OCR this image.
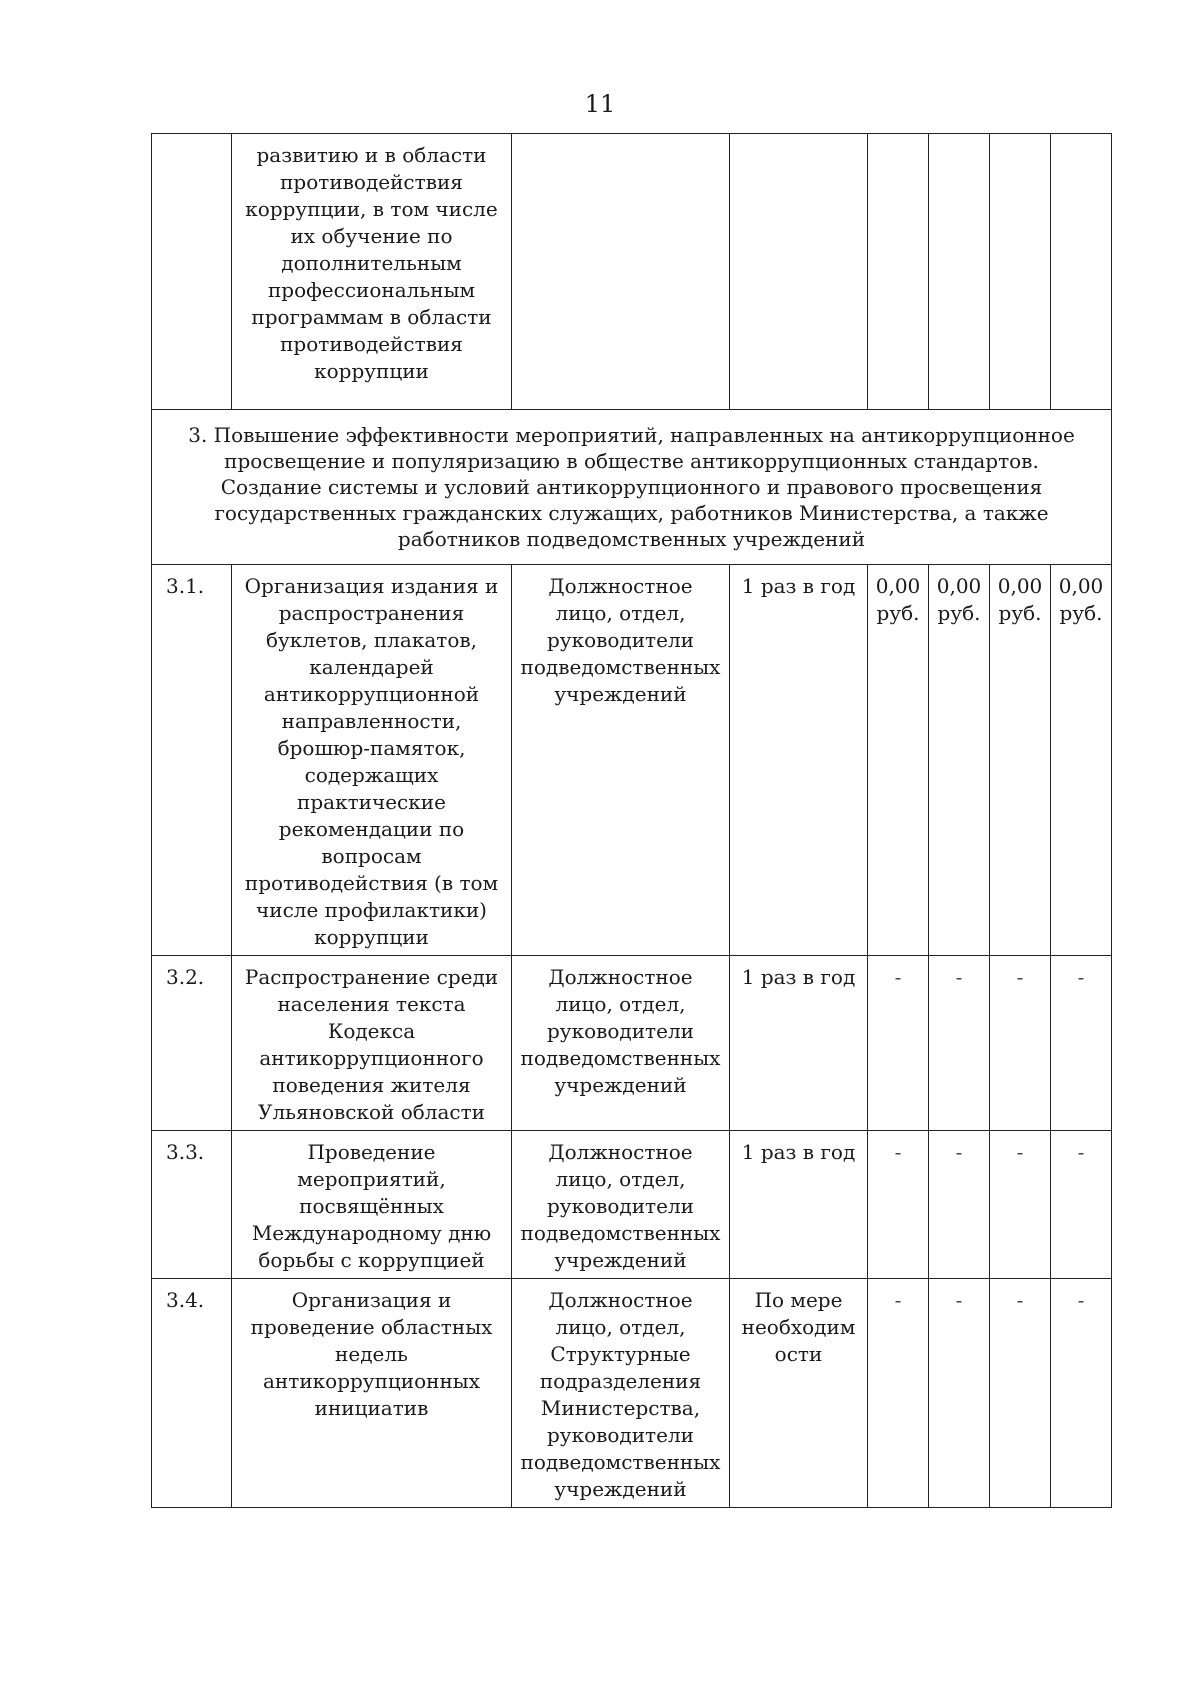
11
	развитию и в области противодействия коррупции, в том числе их обучение по дополнительным профессиональным программам в области противодействия коррупции						
3. Повышение эффективности мероприятий, направленных на антикоррупционное просвещение и популяризацию в обществе антикоррупционных стандартов. Создание системы и условий антикоррупционного и правового просвещения государственных гражданских служащих, работников Министерства, а также работников подведомственных учреждений							
3.1.	Организация издания и распространения буклетов, плакатов, календарей антикоррупционной направленности, брошюр-памяток, содержащих практические рекомендации по вопросам противодействия (в том числе профилактики) коррупции	Должностное лицо, отдел, руководители подведомственных учреждений	1 раз в год	0,00 руб.	0,00 руб.	0,00 руб.	0,00 руб.
3.2.	Распространение среди населения текста Кодекса антикоррупционного поведения жителя Ульяновской области	Должностное лицо, отдел, руководители подведомственных учреждений	1 раз в год	-	-	-	-
3.3.	Проведение мероприятий, посвящённых Международному дню борьбы с коррупцией	Должностное лицо, отдел, руководители подведомственных учреждений	1 раз в год	-	-	-	-
3.4.	Организация и проведение областных недель антикоррупционных инициатив	Должностное лицо, отдел, Структурные подразделения Министерства, руководители подведомственных учреждений	По мере необходим ости	-	-	-	-
